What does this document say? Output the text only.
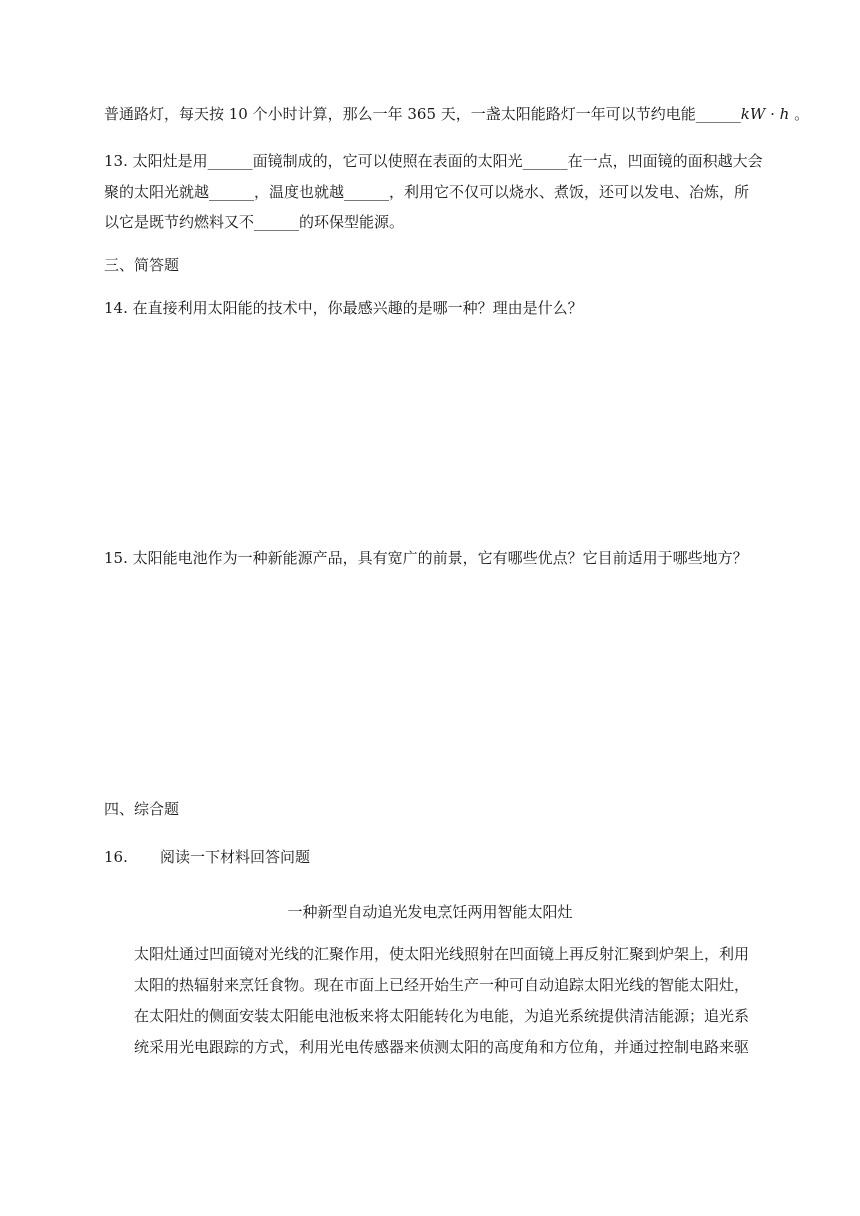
普通路灯，每天按 10 个小时计算，那么一年 365 天，一盏太阳能路灯一年可以节约电能______kW · h 。
13. 太阳灶是用______面镜制成的，它可以使照在表面的太阳光______在一点，凹面镜的面积越大会
聚的太阳光就越______，温度也就越______，利用它不仅可以烧水、煮饭，还可以发电、冶炼，所
以它是既节约燃料又不______的环保型能源。
三、简答题
14. 在直接利用太阳能的技术中，你最感兴趣的是哪一种？理由是什么？
15. 太阳能电池作为一种新能源产品，具有宽广的前景，它有哪些优点？它目前适用于哪些地方？
四、综合题
16. 阅读一下材料回答问题
一种新型自动追光发电烹饪两用智能太阳灶
太阳灶通过凹面镜对光线的汇聚作用，使太阳光线照射在凹面镜上再反射汇聚到炉架上，利用
太阳的热辐射来烹饪食物。现在市面上已经开始生产一种可自动追踪太阳光线的智能太阳灶，
在太阳灶的侧面安装太阳能电池板来将太阳能转化为电能，为追光系统提供清洁能源；追光系
统采用光电跟踪的方式，利用光电传感器来侦测太阳的高度角和方位角，并通过控制电路来驱
